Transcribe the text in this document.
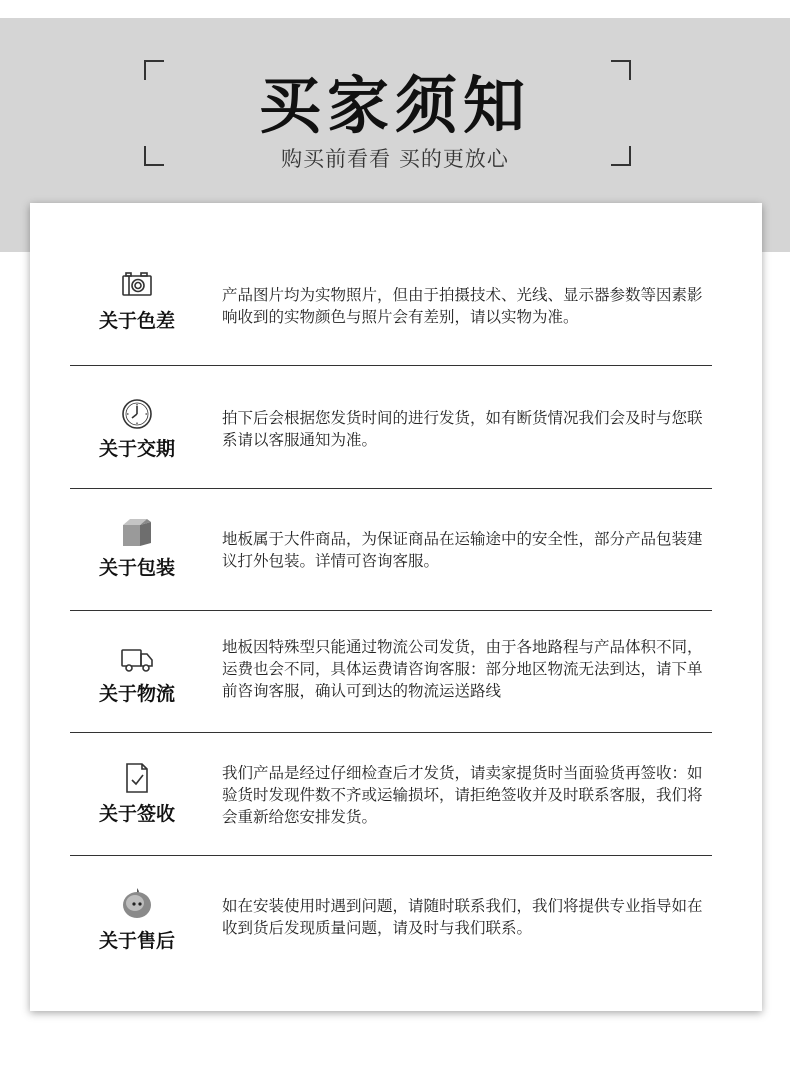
买家须知
购买前看看 买的更放心
关于色差
产品图片均为实物照片，但由于拍摄技术、光线、显示器参数等因素影响收到的实物颜色与照片会有差别，请以实物为准。
关于交期
拍下后会根据您发货时间的进行发货，如有断货情况我们会及时与您联系请以客服通知为准。
关于包装
地板属于大件商品，为保证商品在运输途中的安全性，部分产品包装建议打外包装。详情可咨询客服。
关于物流
地板因特殊型只能通过物流公司发货，由于各地路程与产品体积不同，运费也会不同，具体运费请咨询客服：部分地区物流无法到达，请下单前咨询客服，确认可到达的物流运送路线
关于签收
我们产品是经过仔细检查后才发货，请卖家提货时当面验货再签收：如验货时发现件数不齐或运输损坏，请拒绝签收并及时联系客服，我们将会重新给您安排发货。
关于售后
如在安装使用时遇到问题，请随时联系我们，我们将提供专业指导如在收到货后发现质量问题，请及时与我们联系。
